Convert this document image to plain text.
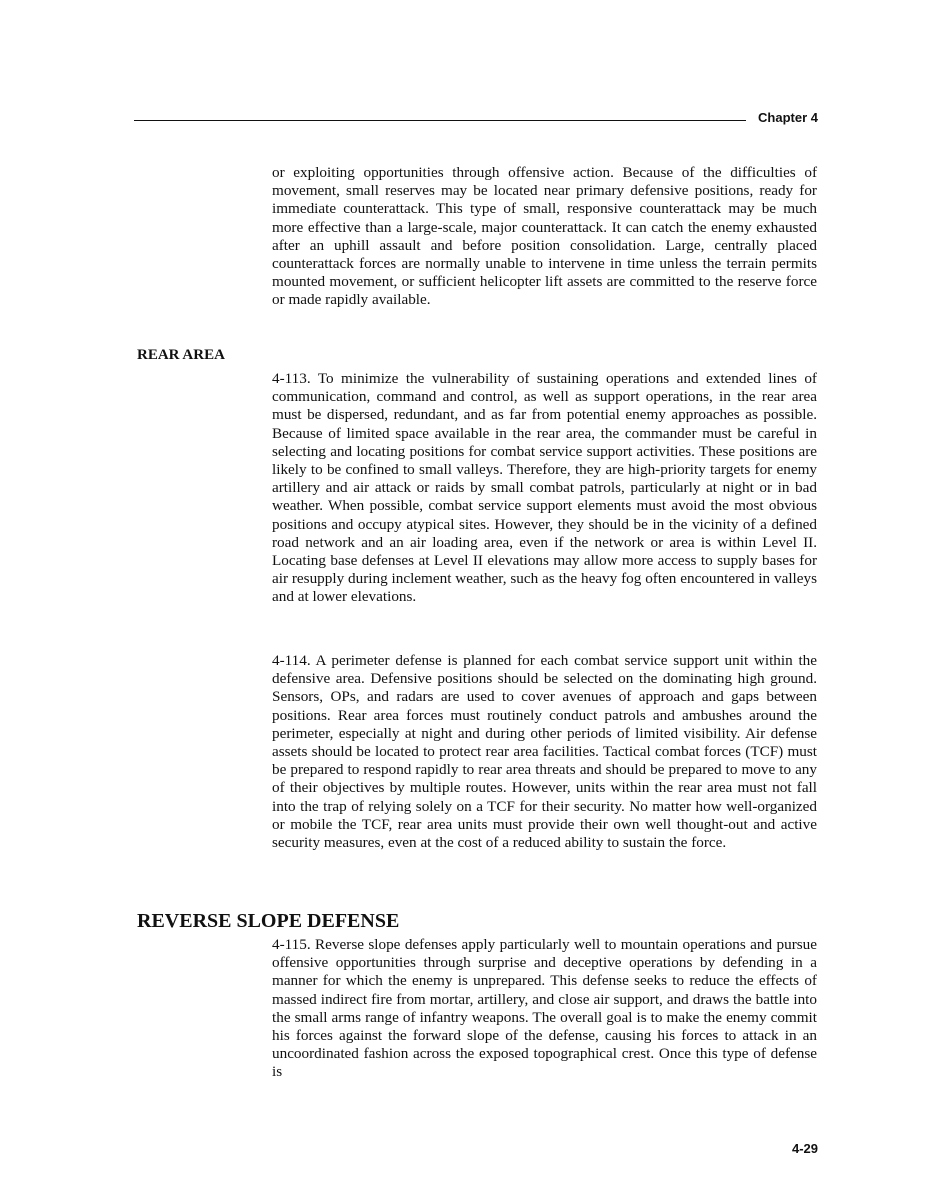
Chapter 4

or exploiting opportunities through offensive action. Because of the difficulties of movement, small reserves may be located near primary defensive positions, ready for immediate counterattack. This type of small, responsive counterattack may be much more effective than a large-scale, major counterattack. It can catch the enemy exhausted after an uphill assault and before position consolidation. Large, centrally placed counterattack forces are normally unable to intervene in time unless the terrain permits mounted movement, or sufficient helicopter lift assets are committed to the reserve force or made rapidly available.

REAR AREA

4-113. To minimize the vulnerability of sustaining operations and extended lines of communication, command and control, as well as support operations, in the rear area must be dispersed, redundant, and as far from potential enemy approaches as possible. Because of limited space available in the rear area, the commander must be careful in selecting and locating positions for combat service support activities. These positions are likely to be confined to small valleys. Therefore, they are high-priority targets for enemy artillery and air attack or raids by small combat patrols, particularly at night or in bad weather. When possible, combat service support elements must avoid the most obvious positions and occupy atypical sites. However, they should be in the vicinity of a defined road network and an air loading area, even if the network or area is within Level II. Locating base defenses at Level II elevations may allow more access to supply bases for air resupply during inclement weather, such as the heavy fog often encountered in valleys and at lower elevations.

4-114. A perimeter defense is planned for each combat service support unit within the defensive area. Defensive positions should be selected on the dominating high ground. Sensors, OPs, and radars are used to cover avenues of approach and gaps between positions. Rear area forces must routinely conduct patrols and ambushes around the perimeter, especially at night and during other periods of limited visibility. Air defense assets should be located to protect rear area facilities. Tactical combat forces (TCF) must be prepared to respond rapidly to rear area threats and should be prepared to move to any of their objectives by multiple routes. However, units within the rear area must not fall into the trap of relying solely on a TCF for their security. No matter how well-organized or mobile the TCF, rear area units must provide their own well thought-out and active security measures, even at the cost of a reduced ability to sustain the force.

REVERSE SLOPE DEFENSE

4-115. Reverse slope defenses apply particularly well to mountain operations and pursue offensive opportunities through surprise and deceptive operations by defending in a manner for which the enemy is unprepared. This defense seeks to reduce the effects of massed indirect fire from mortar, artillery, and close air support, and draws the battle into the small arms range of infantry weapons. The overall goal is to make the enemy commit his forces against the forward slope of the defense, causing his forces to attack in an uncoordinated fashion across the exposed topographical crest. Once this type of defense is

4-29
